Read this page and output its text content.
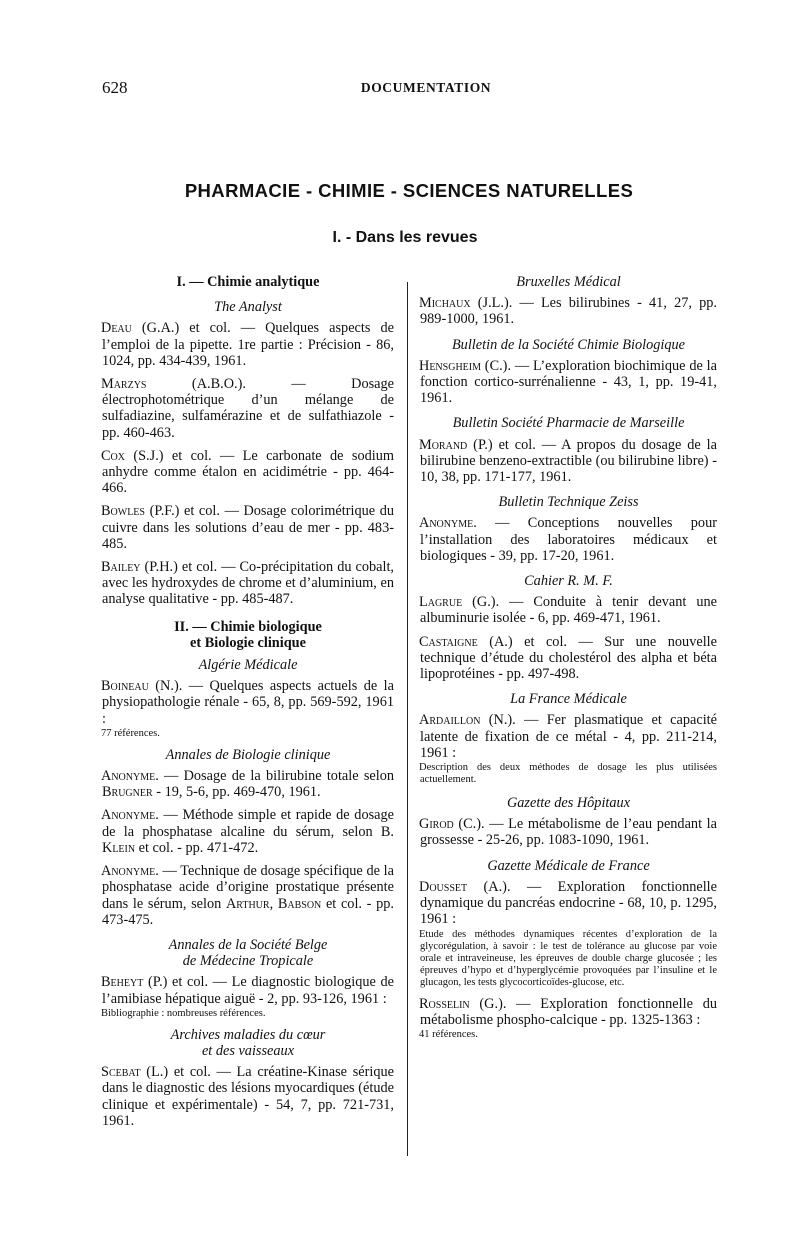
628	DOCUMENTATION
PHARMACIE - CHIMIE - SCIENCES NATURELLES
I. - Dans les revues
I. — Chimie analytique
The Analyst
Deau (G.A.) et col. — Quelques aspects de l’emploi de la pipette. 1re partie : Précision - 86, 1024, pp. 434-439, 1961.
Marzys (A.B.O.). — Dosage électrophotométrique d’un mélange de sulfadiazine, sulfamérazine et de sulfathiazole - pp. 460-463.
Cox (S.J.) et col. — Le carbonate de sodium anhydre comme étalon en acidimétrie - pp. 464-466.
Bowles (P.F.) et col. — Dosage colorimétrique du cuivre dans les solutions d’eau de mer - pp. 483-485.
Bailey (P.H.) et col. — Co-précipitation du cobalt, avec les hydroxydes de chrome et d’aluminium, en analyse qualitative - pp. 485-487.
II. — Chimie biologique
et Biologie clinique
Algérie Médicale
Boineau (N.). — Quelques aspects actuels de la physiopathologie rénale - 65, 8, pp. 569-592, 1961 :
77 références.
Annales de Biologie clinique
Anonyme. — Dosage de la bilirubine totale selon Brugner - 19, 5-6, pp. 469-470, 1961.
Anonyme. — Méthode simple et rapide de dosage de la phosphatase alcaline du sérum, selon B. Klein et col. - pp. 471-472.
Anonyme. — Technique de dosage spécifique de la phosphatase acide d’origine prostatique présente dans le sérum, selon Arthur, Babson et col. - pp. 473-475.
Annales de la Société Belge
de Médecine Tropicale
Beheyt (P.) et col. — Le diagnostic biologique de l’amibiase hépatique aiguë - 2, pp. 93-126, 1961 :
Bibliographie : nombreuses références.
Archives maladies du cœur
et des vaisseaux
Scebat (L.) et col. — La créatine-Kinase sérique dans le diagnostic des lésions myocardiques (étude clinique et expérimentale) - 54, 7, pp. 721-731, 1961.
Bruxelles Médical
Michaux (J.L.). — Les bilirubines - 41, 27, pp. 989-1000, 1961.
Bulletin de la Société Chimie Biologique
Hensgheim (C.). — L’exploration biochimique de la fonction cortico-surrénalienne - 43, 1, pp. 19-41, 1961.
Bulletin Société Pharmacie de Marseille
Morand (P.) et col. — A propos du dosage de la bilirubine benzeno-extractible (ou bilirubine libre) - 10, 38, pp. 171-177, 1961.
Bulletin Technique Zeiss
Anonyme. — Conceptions nouvelles pour l’installation des laboratoires médicaux et biologiques - 39, pp. 17-20, 1961.
Cahier R. M. F.
Lagrue (G.). — Conduite à tenir devant une albuminurie isolée - 6, pp. 469-471, 1961.
Castaigne (A.) et col. — Sur une nouvelle technique d’étude du cholestérol des alpha et béta lipoprotéines - pp. 497-498.
La France Médicale
Ardaillon (N.). — Fer plasmatique et capacité latente de fixation de ce métal - 4, pp. 211-214, 1961 :
Description des deux méthodes de dosage les plus utilisées actuellement.
Gazette des Hôpitaux
Girod (C.). — Le métabolisme de l’eau pendant la grossesse - 25-26, pp. 1083-1090, 1961.
Gazette Médicale de France
Dousset (A.). — Exploration fonctionnelle dynamique du pancréas endocrine - 68, 10, p. 1295, 1961 :
Etude des méthodes dynamiques récentes d’exploration de la glycorégulation, à savoir : le test de tolérance au glucose par voie orale et intraveineuse, les épreuves de double charge glucosée ; les épreuves d’hypo et d’hyperglycémie provoquées par l’insuline et le glucagon, les tests glycocorticoïdes-glucose, etc.
Rosselin (G.). — Exploration fonctionnelle du métabolisme phospho-calcique - pp. 1325-1363 :
41 références.
